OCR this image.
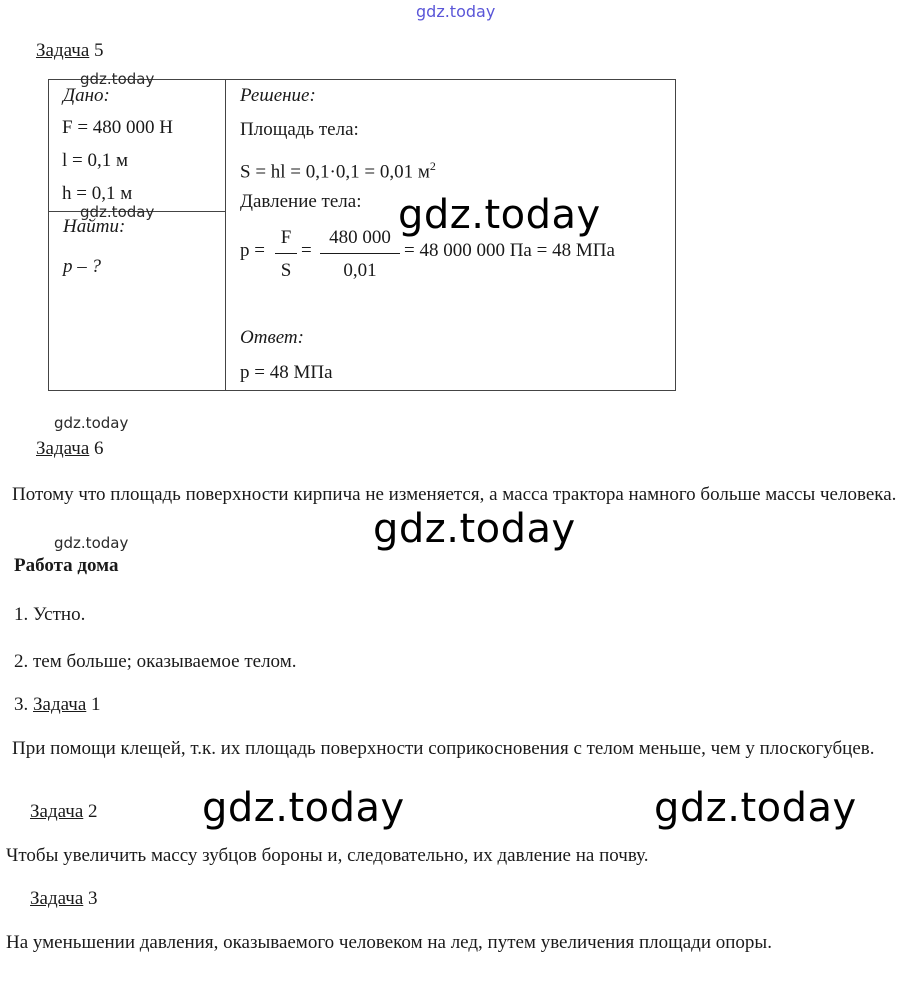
gdz.today
Задача 5
Дано:
gdz.today
F = 480 000 Н
l = 0,1 м
h = 0,1 м
gdz.today
Найти:
p – ?
Решение:
Площадь тела:
S = hl = 0,1·0,1 = 0,01 $м^2$
Давление тела:
p =
F
S
=
480 000
0,01
= 48 000 000 Па = 48 МПа
Ответ:
p = 48 МПа
gdz.today
gdz.today
Задача 6
Потому что площадь поверхности кирпича не изменяется, а масса трактора намного больше массы человека.
gdz.today
gdz.today
Работа дома
1. Устно.
2. тем больше; оказываемое телом.
3. Задача 1
При помощи клещей, т.к. их площадь поверхности соприкосновения с телом меньше, чем у плоскогубцев.
Задача 2	gdz.today	gdz.today
Чтобы увеличить массу зубцов бороны и, следовательно, их давление на почву.
Задача 3
На уменьшении давления, оказываемого человеком на лед, путем увеличения площади опоры.
